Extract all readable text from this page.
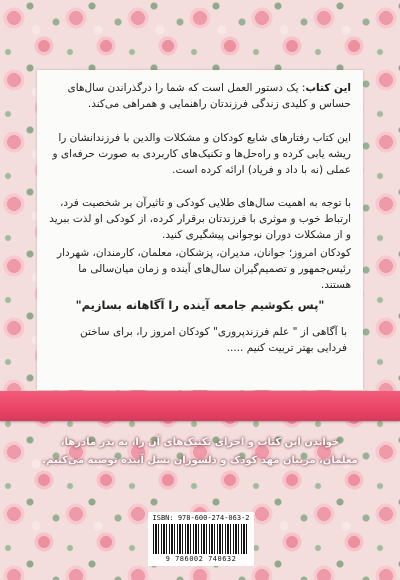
این کتاب: یک دستور العمل است که شما را درگذراندن سال‌های حساس و کلیدی زندگی فرزندتان راهنمایی و همراهی می‌کند.
این کتاب رفتارهای شایع کودکان و مشکلات والدین با فرزندانشان را ریشه یابی کرده و راه‌حل‌ها و تکنیک‌های کاربردی به صورت حرفه‌ای و عملی (نه با داد و فریاد) ارائه کرده است.
با توجه به اهمیت سال‌های طلایی کودکی و تاثیرآن بر شخصیت فرد، ارتباط خوب و موثری با فرزندتان برقرار کرده، از کودکی او لذت ببرید و از مشکلات دوران نوجوانی پیشگیری کنید.
کودکان امروز؛ جوانان، مدیران، پزشکان، معلمان، کارمندان، شهردار رئیس‌جمهور و تصمیم‌گیران سال‌های آینده و زمان میان‌سالی ما هستند.
"پس بکوشیم جامعه آینده را آگاهانه بسازیم"
با آگاهی از " علم فرزندپروری" کودکان امروز را، برای ساختن فردایی بهتر تربیت کنیم .....
خواندن این کتاب و اجرای تکنیک‌های آن را، به پدر مادرها، معلمان، مربیان مهد کودک و دلسوزان نسل آینده توصیه می‌کنیم.
ISBN: 978-600-274-063-2
9 786002 740632
